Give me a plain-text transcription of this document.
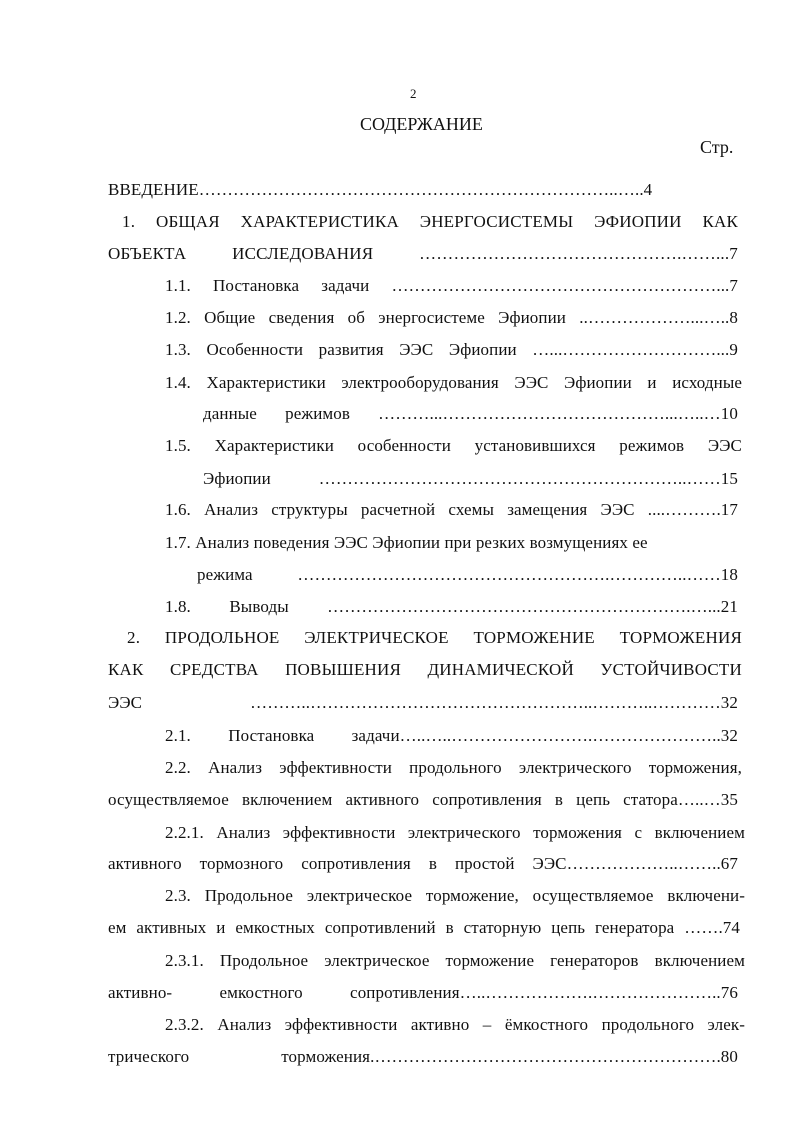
2
СОДЕРЖАНИЕ
Стр.
ВВЕДЕНИЕ………………………………………………………………..…..4
1. ОБЩАЯ ХАРАКТЕРИСТИКА ЭНЕРГОСИСТЕМЫ ЭФИОПИИ КАК
ОБЪЕКТА ИССЛЕДОВАНИЯ ……………………………………….……...7
1.1. Постановка задачи …………………………………………………...7
1.2. Общие сведения об энергосистеме Эфиопии ..………………...…..8
1.3. Особенности развития ЭЭС Эфиопии …...………………………...9
1.4. Характеристики электрооборудования ЭЭС Эфиопии и исходные
данные режимов ………...…………………………………...…..…10
1.5. Характеристики особенности установившихся режимов ЭЭС
Эфиопии ………………………………………………………..……15
1.6. Анализ структуры расчетной схемы замещения ЭЭС ....……….17
1.7. Анализ поведения ЭЭС Эфиопии при резких возмущениях ее
режима ……………………………………………….…………..……18
1.8. Выводы ……………………………………………………….…...21
2. ПРОДОЛЬНОЕ ЭЛЕКТРИЧЕСКОЕ ТОРМОЖЕНИЕ ТОРМОЖЕНИЯ
КАК СРЕДСТВА ПОВЫШЕНИЯ ДИНАМИЧЕСКОЙ УСТОЙЧИВОСТИ
ЭЭС ………..…………………………………………..………..…………32
2.1. Постановка задачи…..…..…………………….…………………..32
2.2. Анализ эффективности продольного электрического торможения,
осуществляемое включением активного сопротивления в цепь статора…..…35
2.2.1. Анализ эффективности электрического торможения с включением
активного тормозного сопротивления в простой ЭЭС………………..……..67
2.3. Продольное электрическое торможение, осуществляемое включени-
ем активных и емкостных сопротивлений в статорную цепь генератора …….74
2.3.1. Продольное электрическое торможение генераторов включением
активно- емкостного сопротивления…..……………….…………………..76
2.3.2. Анализ эффективности активно – ёмкостного продольного элек-
трического торможения.…………………………………………………….80
